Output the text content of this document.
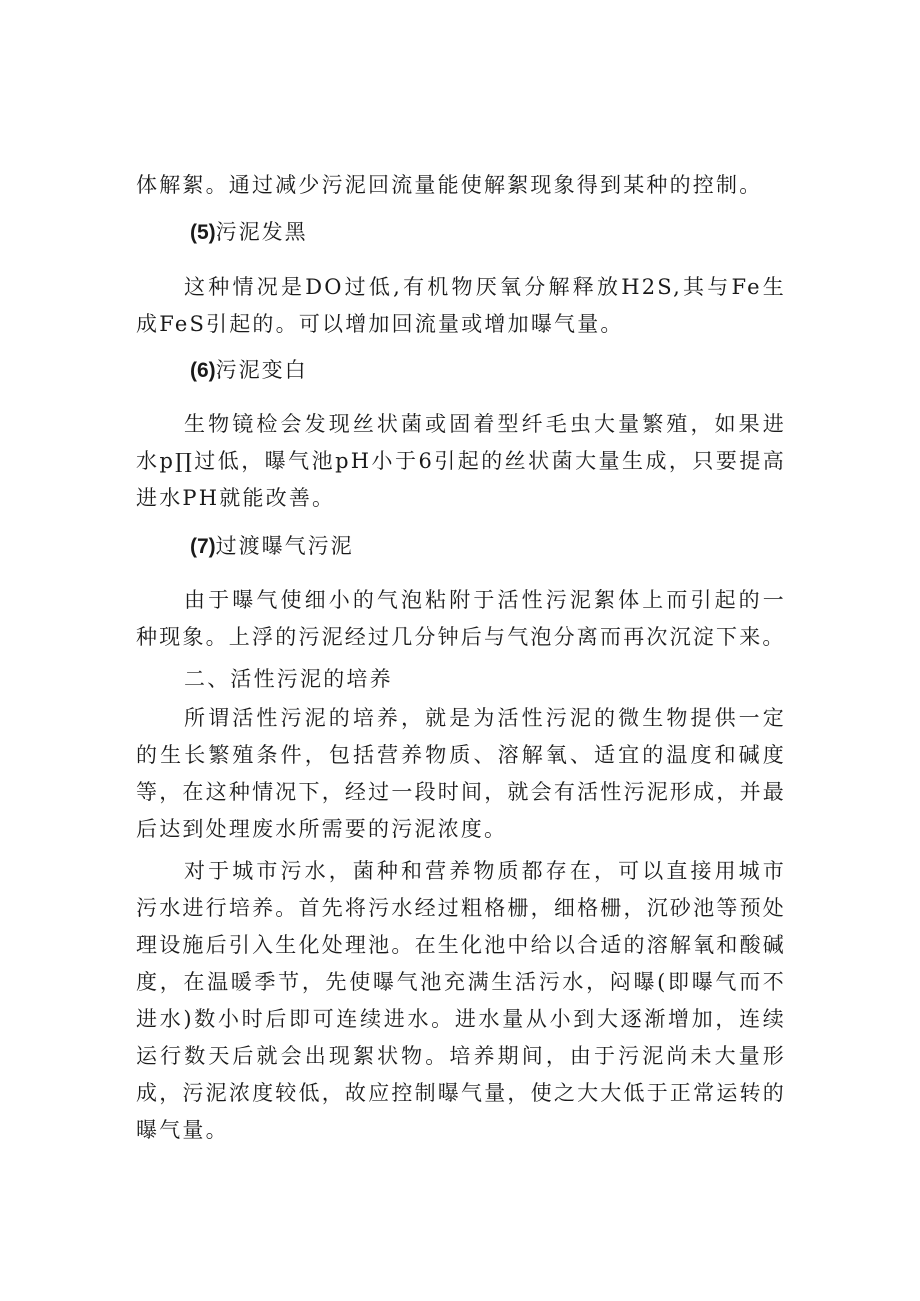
体解絮。通过减少污泥回流量能使解絮现象得到某种的控制。

(5)污泥发黑

这种情况是DO过低,有机物厌氧分解释放H2S,其与Fe生成FeS引起的。可以增加回流量或增加曝气量。

(6)污泥变白

生物镜检会发现丝状菌或固着型纤毛虫大量繁殖，如果进水p∏过低，曝气池pH小于6引起的丝状菌大量生成，只要提高进水PH就能改善。

(7)过渡曝气污泥

由于曝气使细小的气泡粘附于活性污泥絮体上而引起的一种现象。上浮的污泥经过几分钟后与气泡分离而再次沉淀下来。

二、活性污泥的培养

所谓活性污泥的培养，就是为活性污泥的微生物提供一定的生长繁殖条件，包括营养物质、溶解氧、适宜的温度和碱度等，在这种情况下，经过一段时间，就会有活性污泥形成，并最后达到处理废水所需要的污泥浓度。

对于城市污水，菌种和营养物质都存在，可以直接用城市污水进行培养。首先将污水经过粗格栅，细格栅，沉砂池等预处理设施后引入生化处理池。在生化池中给以合适的溶解氧和酸碱度，在温暖季节，先使曝气池充满生活污水，闷曝(即曝气而不进水)数小时后即可连续进水。进水量从小到大逐渐增加，连续运行数天后就会出现絮状物。培养期间，由于污泥尚未大量形成，污泥浓度较低，故应控制曝气量，使之大大低于正常运转的曝气量。
